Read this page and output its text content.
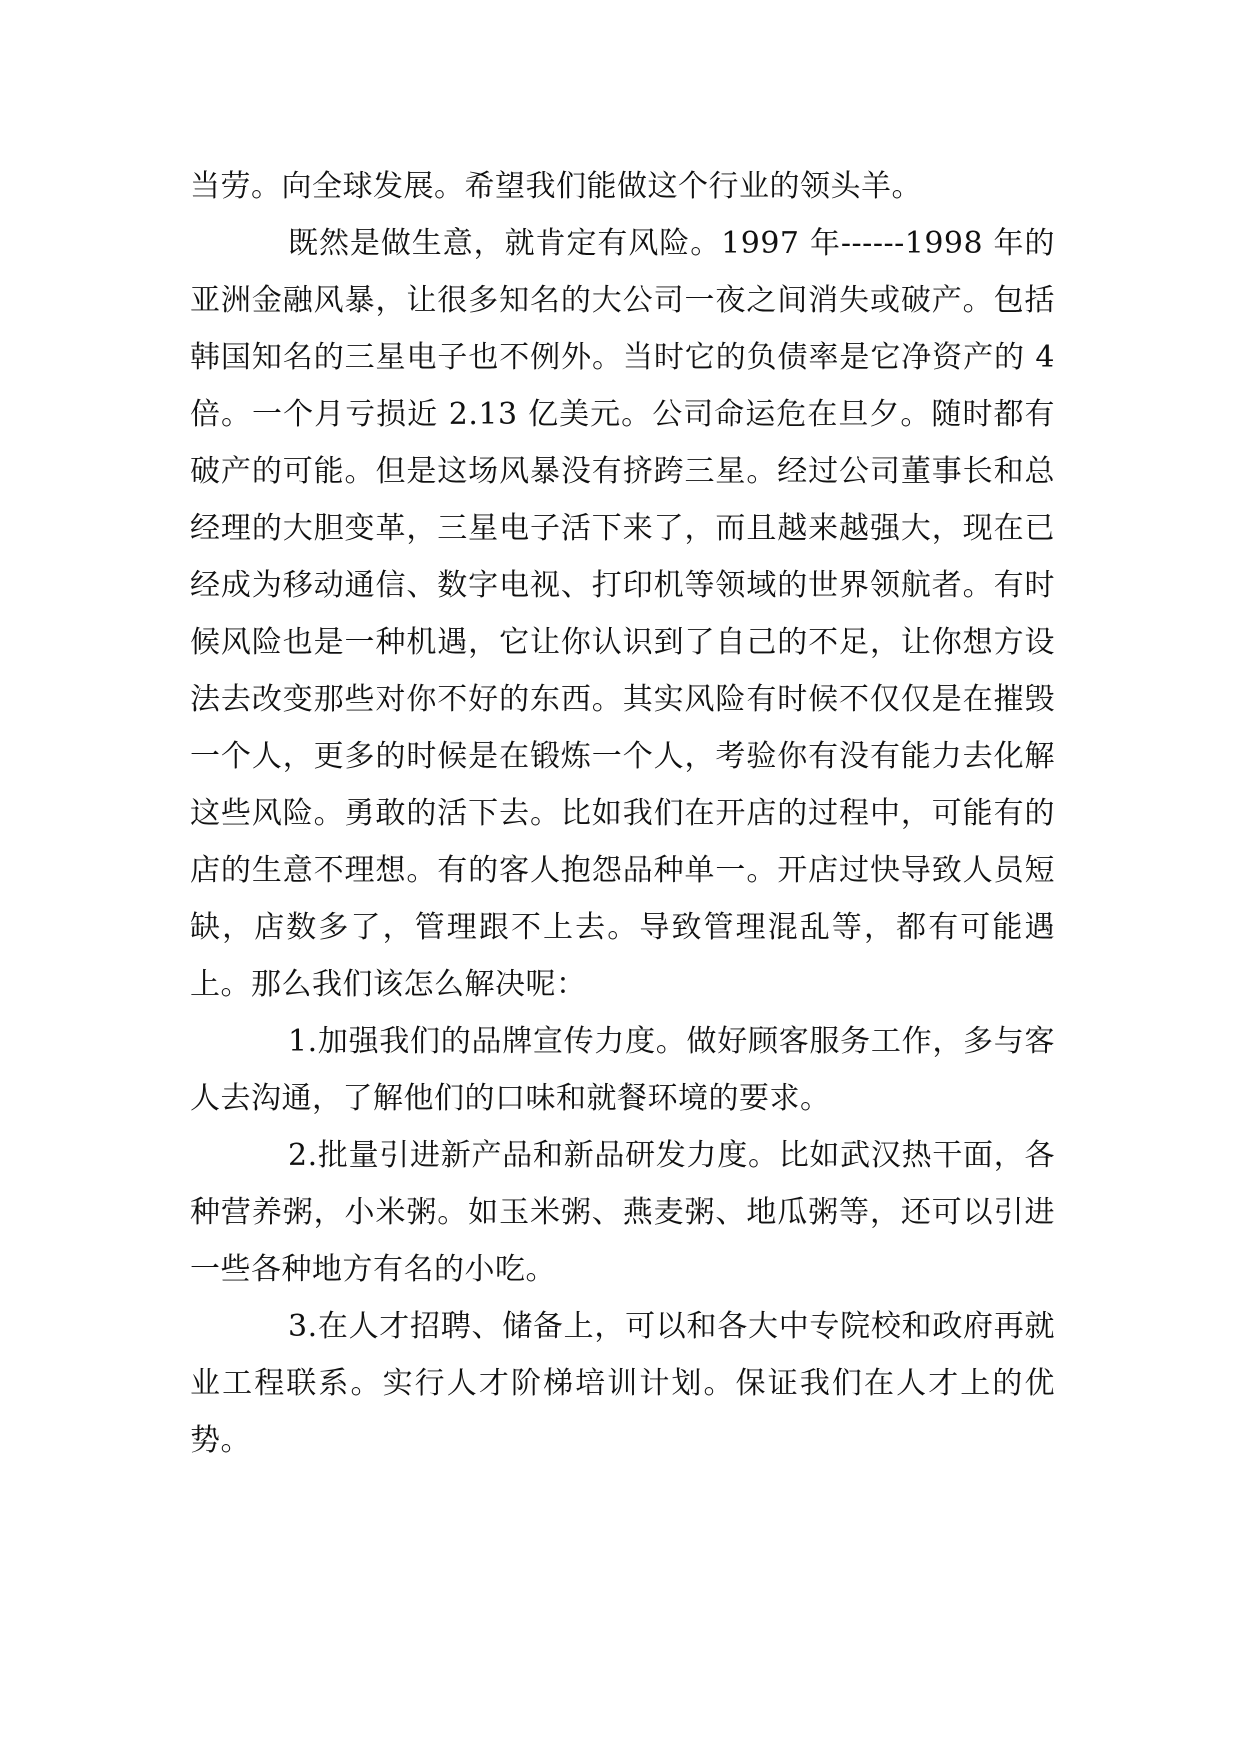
当劳。向全球发展。希望我们能做这个行业的领头羊。

既然是做生意，就肯定有风险。1997 年------1998 年的亚洲金融风暴，让很多知名的大公司一夜之间消失或破产。包括韩国知名的三星电子也不例外。当时它的负债率是它净资产的 4 倍。一个月亏损近 2.13 亿美元。公司命运危在旦夕。随时都有破产的可能。但是这场风暴没有挤跨三星。经过公司董事长和总经理的大胆变革，三星电子活下来了，而且越来越强大，现在已经成为移动通信、数字电视、打印机等领域的世界领航者。有时候风险也是一种机遇，它让你认识到了自己的不足，让你想方设法去改变那些对你不好的东西。其实风险有时候不仅仅是在摧毁一个人，更多的时候是在锻炼一个人，考验你有没有能力去化解这些风险。勇敢的活下去。比如我们在开店的过程中，可能有的店的生意不理想。有的客人抱怨品种单一。开店过快导致人员短缺，店数多了，管理跟不上去。导致管理混乱等，都有可能遇上。那么我们该怎么解决呢：

1.加强我们的品牌宣传力度。做好顾客服务工作，多与客人去沟通，了解他们的口味和就餐环境的要求。

2.批量引进新产品和新品研发力度。比如武汉热干面，各种营养粥，小米粥。如玉米粥、燕麦粥、地瓜粥等，还可以引进一些各种地方有名的小吃。

3.在人才招聘、储备上，可以和各大中专院校和政府再就业工程联系。实行人才阶梯培训计划。保证我们在人才上的优势。
